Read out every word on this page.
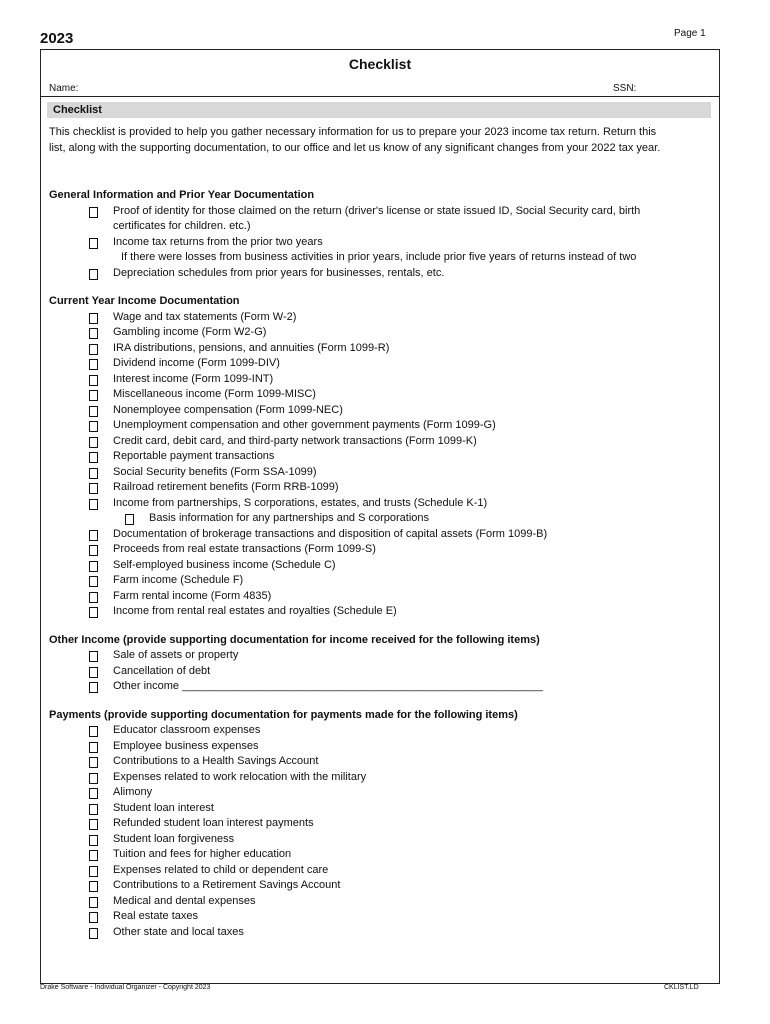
2023	Page 1
Checklist
Name:	SSN:
Checklist
This checklist is provided to help you gather necessary information for us to prepare your 2023 income tax return. Return this list, along with the supporting documentation, to our office and let us know of any significant changes from your 2022 tax year.
General Information and Prior Year Documentation
Proof of identity for those claimed on the return (driver's license or state issued ID, Social Security card, birth certificates for children. etc.)
Income tax returns from the prior two years
If there were losses from business activities in prior years, include prior five years of returns instead of two
Depreciation schedules from prior years for businesses, rentals, etc.
Current Year Income Documentation
Wage and tax statements (Form W-2)
Gambling income (Form W2-G)
IRA distributions, pensions, and annuities (Form 1099-R)
Dividend income (Form 1099-DIV)
Interest income (Form 1099-INT)
Miscellaneous income (Form 1099-MISC)
Nonemployee compensation (Form 1099-NEC)
Unemployment compensation and other government payments (Form 1099-G)
Credit card, debit card, and third-party network transactions (Form 1099-K)
Reportable payment transactions
Social Security benefits (Form SSA-1099)
Railroad retirement benefits (Form RRB-1099)
Income from partnerships, S corporations, estates, and trusts (Schedule K-1)
Basis information for any partnerships and S corporations
Documentation of brokerage transactions and disposition of capital assets (Form 1099-B)
Proceeds from real estate transactions (Form 1099-S)
Self-employed business income (Schedule C)
Farm income (Schedule F)
Farm rental income (Form 4835)
Income from rental real estates and royalties (Schedule E)
Other Income (provide supporting documentation for income received for the following items)
Sale of assets or property
Cancellation of debt
Other income ___________________________________________________________
Payments (provide supporting documentation for payments made for the following items)
Educator classroom expenses
Employee business expenses
Contributions to a Health Savings Account
Expenses related to work relocation with the military
Alimony
Student loan interest
Refunded student loan interest payments
Student loan forgiveness
Tuition and fees for higher education
Expenses related to child or dependent care
Contributions to a Retirement Savings Account
Medical and dental expenses
Real estate taxes
Other state and local taxes
Drake Software - Individual Organizer - Copyright 2023	CKLIST.LD
